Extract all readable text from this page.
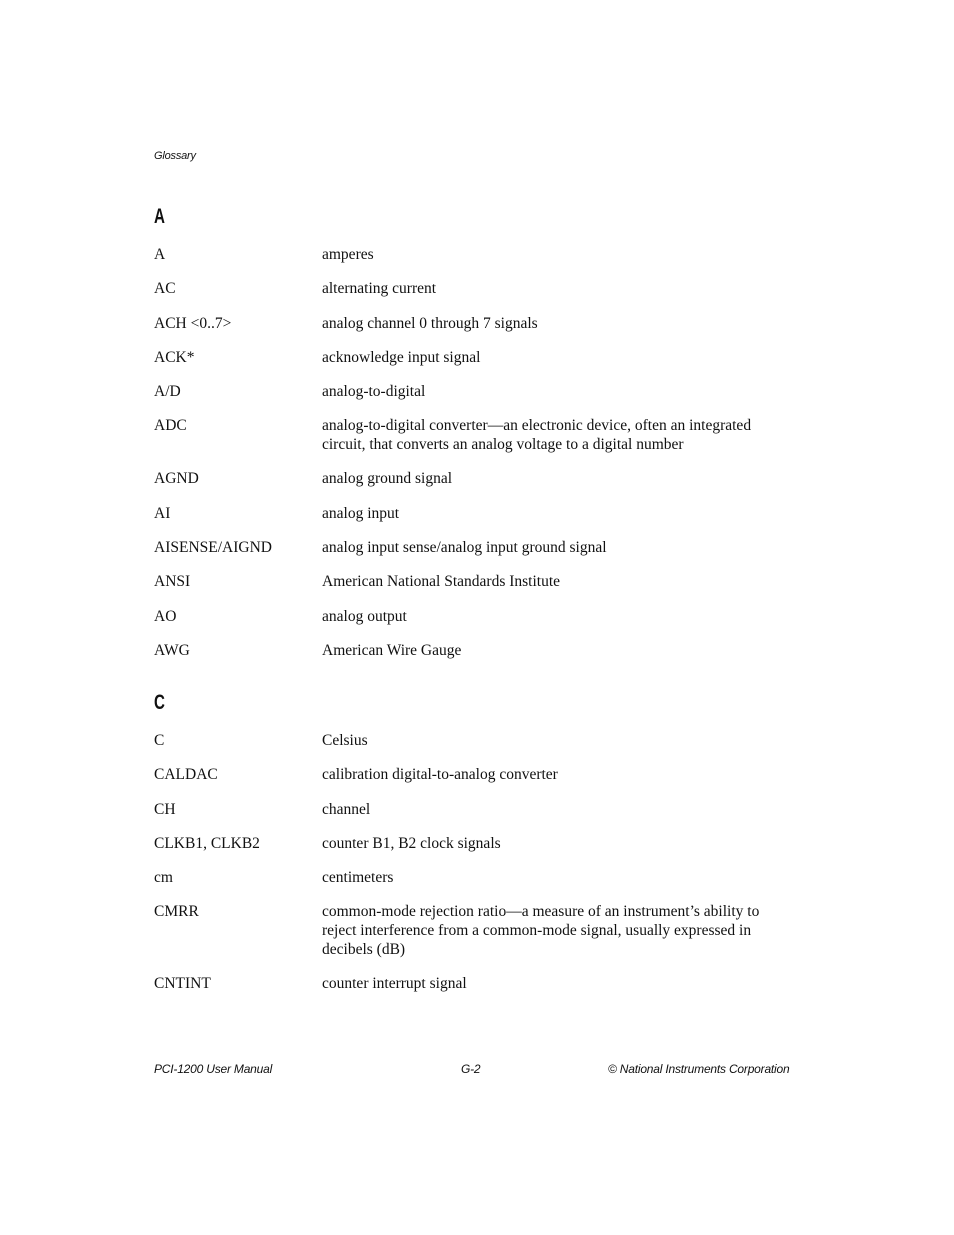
Glossary
A
A	amperes
AC	alternating current
ACH <0..7>	analog channel 0 through 7 signals
ACK*	acknowledge input signal
A/D	analog-to-digital
ADC	analog-to-digital converter—an electronic device, often an integrated circuit, that converts an analog voltage to a digital number
AGND	analog ground signal
AI	analog input
AISENSE/AIGND	analog input sense/analog input ground signal
ANSI	American National Standards Institute
AO	analog output
AWG	American Wire Gauge
C
C	Celsius
CALDAC	calibration digital-to-analog converter
CH	channel
CLKB1, CLKB2	counter B1, B2 clock signals
cm	centimeters
CMRR	common-mode rejection ratio—a measure of an instrument’s ability to reject interference from a common-mode signal, usually expressed in decibels (dB)
CNTINT	counter interrupt signal
PCI-1200 User Manual	G-2	© National Instruments Corporation
